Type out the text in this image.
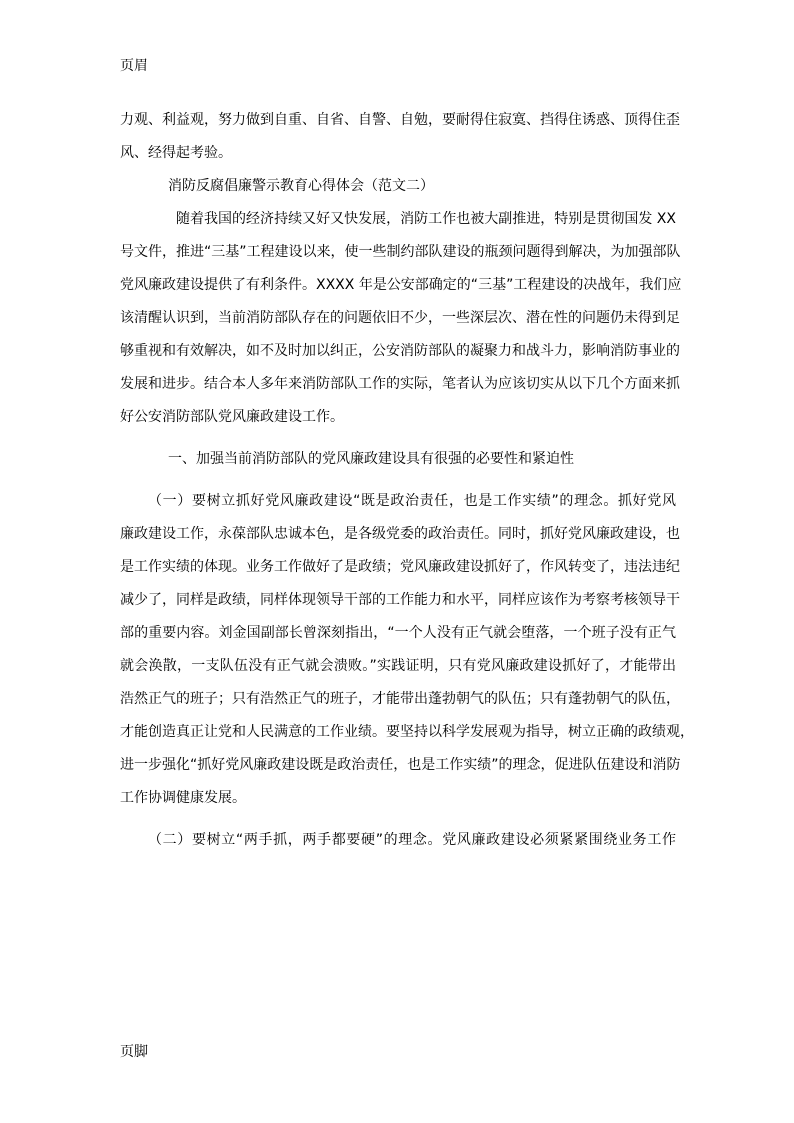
页眉
力观、利益观，努力做到自重、自省、自警、自勉，要耐得住寂寞、挡得住诱惑、顶得住歪
风、经得起考验。
消防反腐倡廉警示教育心得体会（范文二）
随着我国的经济持续又好又快发展，消防工作也被大副推进，特别是贯彻国发 XX
号文件，推进“三基”工程建设以来，使一些制约部队建设的瓶颈问题得到解决，为加强部队
党风廉政建设提供了有利条件。XXXX 年是公安部确定的“三基”工程建设的决战年，我们应
该清醒认识到，当前消防部队存在的问题依旧不少，一些深层次、潜在性的问题仍未得到足
够重视和有效解决，如不及时加以纠正，公安消防部队的凝聚力和战斗力，影响消防事业的
发展和进步。结合本人多年来消防部队工作的实际，笔者认为应该切实从以下几个方面来抓
好公安消防部队党风廉政建设工作。
一、加强当前消防部队的党风廉政建设具有很强的必要性和紧迫性
（一）要树立抓好党风廉政建设“既是政治责任，也是工作实绩”的理念。抓好党风
廉政建设工作，永葆部队忠诚本色，是各级党委的政治责任。同时，抓好党风廉政建设，也
是工作实绩的体现。业务工作做好了是政绩；党风廉政建设抓好了，作风转变了，违法违纪
减少了，同样是政绩，同样体现领导干部的工作能力和水平，同样应该作为考察考核领导干
部的重要内容。刘金国副部长曾深刻指出，“一个人没有正气就会堕落，一个班子没有正气
就会涣散，一支队伍没有正气就会溃败。”实践证明，只有党风廉政建设抓好了，才能带出
浩然正气的班子；只有浩然正气的班子，才能带出蓬勃朝气的队伍；只有蓬勃朝气的队伍，
才能创造真正让党和人民满意的工作业绩。要坚持以科学发展观为指导，树立正确的政绩观，
进一步强化“抓好党风廉政建设既是政治责任，也是工作实绩”的理念，促进队伍建设和消防
工作协调健康发展。
（二）要树立“两手抓，两手都要硬”的理念。党风廉政建设必须紧紧围绕业务工作
页脚
